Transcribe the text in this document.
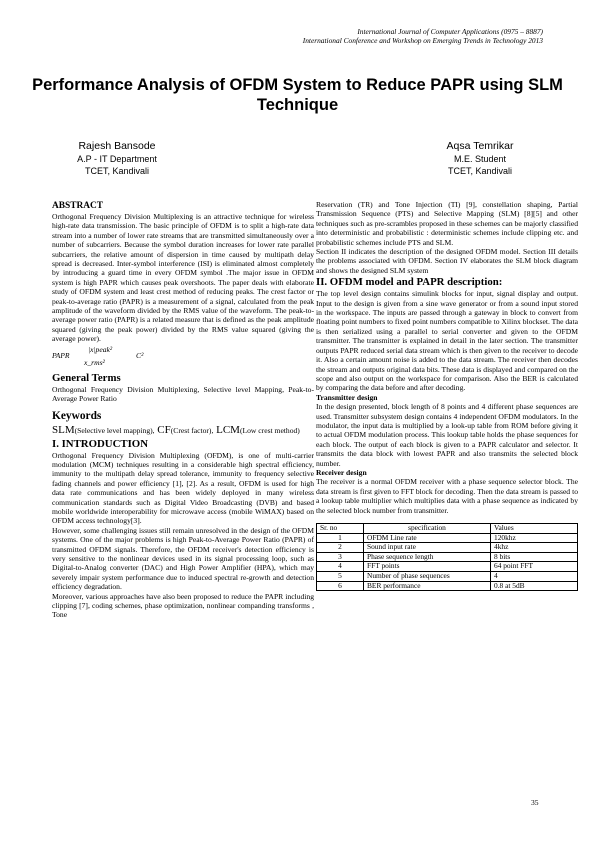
International Journal of Computer Applications (0975 – 8887)
International Conference and Workshop on Emerging Trends in Technology 2013
Performance Analysis of OFDM System to Reduce PAPR using SLM Technique
Rajesh Bansode
A.P - IT Department
TCET, Kandivali
Aqsa Temrikar
M.E. Student
TCET, Kandivali
ABSTRACT

Orthogonal Frequency Division Multiplexing is an attractive technique for wireless high-rate data transmission. The basic principle of OFDM is to split a high-rate data stream into a number of lower rate streams that are transmitted simultaneously over a number of subcarriers. Because the symbol duration increases for lower rate parallel subcarriers, the relative amount of dispersion in time caused by multipath delay spread is decreased. Inter-symbol interference (ISI) is eliminated almost completely by introducing a guard time in every OFDM symbol .The major issue in OFDM system is high PAPR which causes peak overshoots. The paper deals with elaborate study of OFDM system and least crest method of reducing peaks. The crest factor or peak-to-average ratio (PAPR) is a measurement of a signal, calculated from the peak amplitude of the waveform divided by the RMS value of the waveform. The peak-to-average power ratio (PAPR) is a related measure that is defined as the peak amplitude squared (giving the peak power) divided by the RMS value squared (giving the average power).

PAPR
|x|peak²
x_rms²
C²
General Terms

Orthogonal Frequency Division Multiplexing, Selective level Mapping, Peak-to-Average Power Ratio

Keywords

SLM(Selective level mapping), CF(Crest factor), LCM(Low crest method)

I. INTRODUCTION

Orthogonal Frequency Division Multiplexing (OFDM), is one of multi-carrier modulation (MCM) techniques resulting in a considerable high spectral efficiency, immunity to the multipath delay spread tolerance, immunity to frequency selective fading channels and power efficiency [1], [2]. As a result, OFDM is used for high data rate communications and has been widely deployed in many wireless communication standards such as Digital Video Broadcasting (DVB) and based mobile worldwide interoperability for microwave access (mobile WiMAX) based on OFDM access technology[3].

However, some challenging issues still remain unresolved in the design of the OFDM systems. One of the major problems is high Peak-to-Average Power Ratio (PAPR) of transmitted OFDM signals. Therefore, the OFDM receiver's detection efficiency is very sensitive to the nonlinear devices used in its signal processing loop, such as Digital-to-Analog converter (DAC) and High Power Amplifier (HPA), which may severely impair system performance due to induced spectral re-growth and detection efficiency degradation.

Moreover, various approaches have also been proposed to reduce the PAPR including clipping [7], coding schemes, phase optimization, nonlinear companding transforms , Tone

Reservation (TR) and Tone Injection (TI) [9], constellation shaping, Partial Transmission Sequence (PTS) and Selective Mapping (SLM) [8][5] and other techniques such as pre-scrambles proposed in these schemes can be majorly classified into deterministic and probabilistic : deterministic schemes include clipping etc. and probabilistic schemes include PTS and SLM.

Section II indicates the description of the designed OFDM model. Section III details the problems associated with OFDM. Section IV elaborates the SLM block diagram and shows the designed SLM system

II. OFDM model and PAPR description:

The top level design contains simulink blocks for input, signal display and output. Input to the design is given from a sine wave generator or from a sound input stored in the workspace. The inputs are passed through a gateway in block to convert from floating point numbers to fixed point numbers compatible to Xilinx blockset. The data is then serialized using a parallel to serial converter and given to the OFDM transmitter. The transmitter is explained in detail in the later section. The transmitter outputs PAPR reduced serial data stream which is then given to the receiver to decode it. Also a certain amount noise is added to the data stream. The receiver then decodes the stream and outputs original data bits. These data is displayed and compared on the scope and also output on the workspace for comparison. Also the BER is calculated by comparing the data before and after decoding.

Transmitter design

In the design presented, block length of 8 points and 4 different phase sequences are used. Transmitter subsystem design contains 4 independent OFDM modulators. In the modulator, the input data is multiplied by a look-up table from ROM before giving it to actual OFDM modulation process. This lookup table holds the phase sequences for each block. The output of each block is given to a PAPR calculator and selector. It transmits the data block with lowest PAPR and also transmits the selected block number.

Receiver design

The receiver is a normal OFDM receiver with a phase sequence selector block. The data stream is first given to FFT block for decoding. Then the data stream is passed to a lookup table multiplier which multiplies data with a phase sequence as indicated by the selected block number from transmitter.

Sr. no	specification	Values
1	OFDM Line rate	120khz
2	Sound input rate	4khz
3	Phase sequence length	8 bits
4	FFT points	64 point FFT
5	Number of phase sequences	4
6	BER performance	0.8 at 5dB
35
